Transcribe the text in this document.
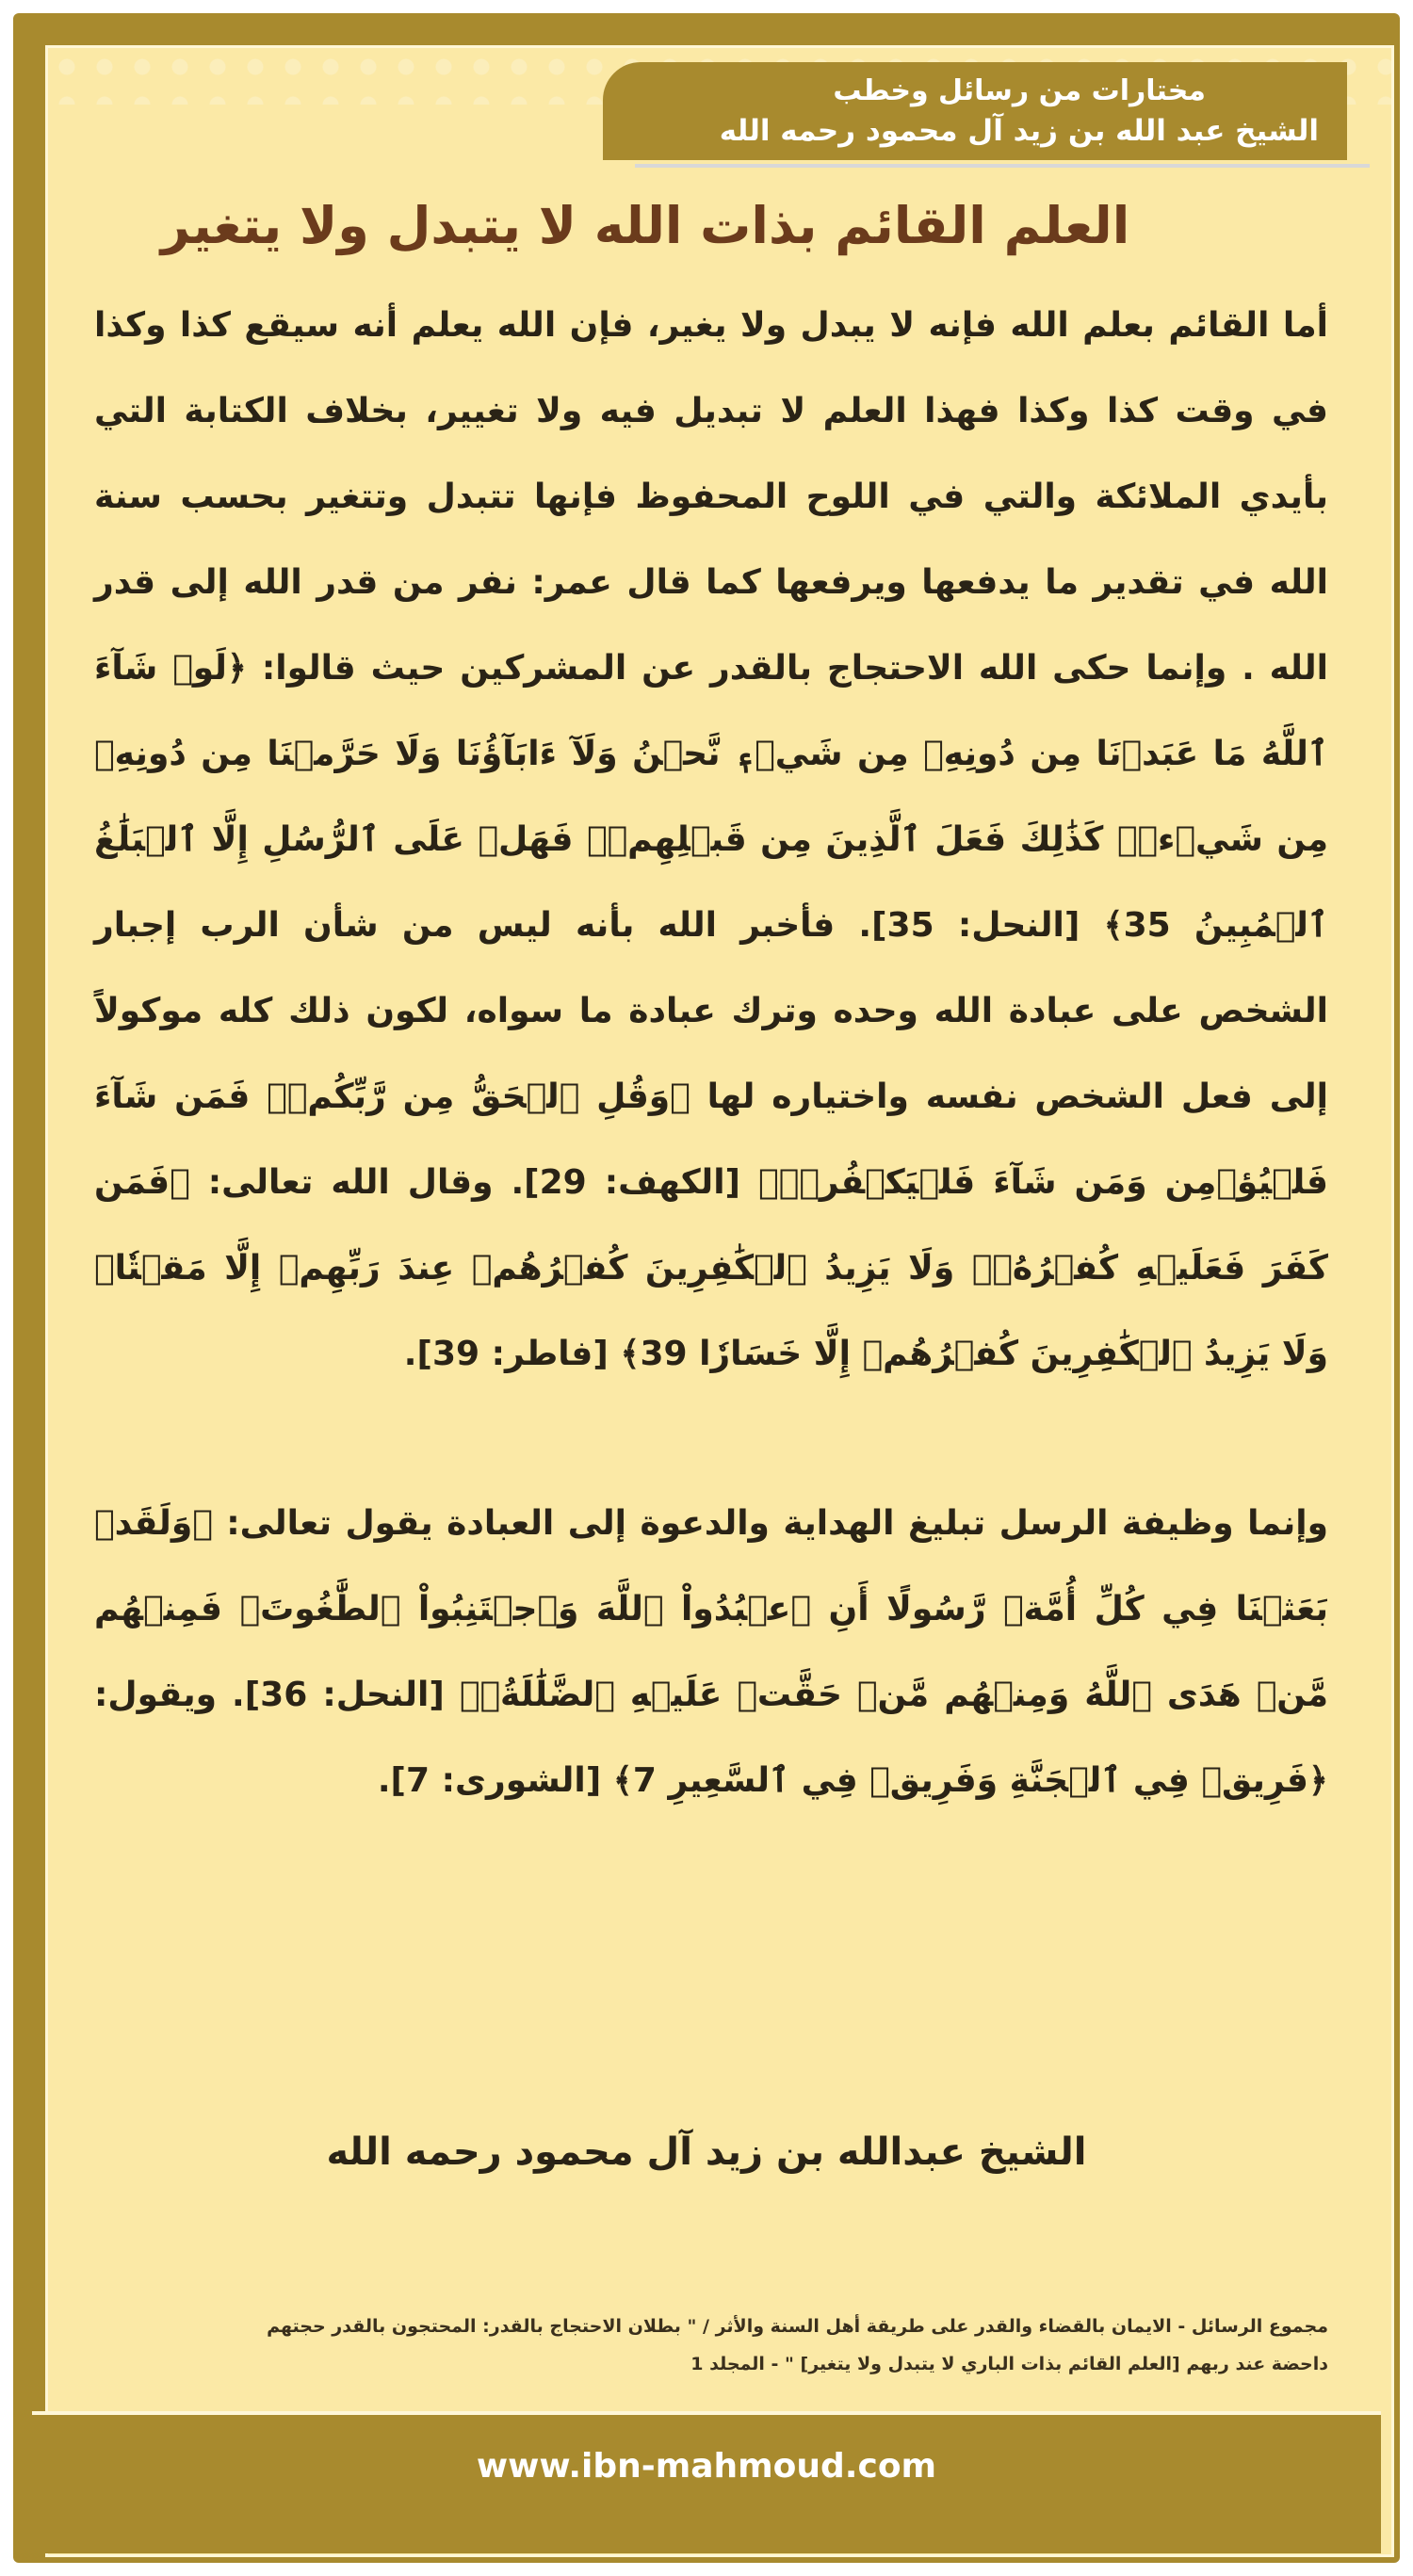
مختارات من رسائل وخطب
الشيخ عبد الله بن زيد آل محمود رحمه الله
العلم القائم بذات الله لا يتبدل ولا يتغير

أما القائم بعلم الله فإنه لا يبدل ولا يغير، فإن الله يعلم أنه سيقع كذا وكذا في وقت كذا وكذا فهذا العلم لا تبديل فيه ولا تغيير، بخلاف الكتابة التي بأيدي الملائكة والتي في اللوح المحفوظ فإنها تتبدل وتتغير بحسب سنة الله في تقدير ما يدفعها ويرفعها كما قال عمر: نفر من قدر الله إلى قدر الله . وإنما حكى الله الاحتجاج بالقدر عن المشركين حيث قالوا: ﴿لَوۡ شَآءَ ٱللَّهُ مَا عَبَدۡنَا مِن دُونِهِۦ مِن شَيۡءٖ نَّحۡنُ وَلَآ ءَابَآؤُنَا وَلَا حَرَّمۡنَا مِن دُونِهِۦ مِن شَيۡءٖۚ كَذَٰلِكَ فَعَلَ ٱلَّذِينَ مِن قَبۡلِهِمۡۚ فَهَلۡ عَلَى ٱلرُّسُلِ إِلَّا ٱلۡبَلَٰغُ ٱلۡمُبِينُ 35﴾ [النحل: 35]. فأخبر الله بأنه ليس من شأن الرب إجبار الشخص على عبادة الله وحده وترك عبادة ما سواه، لكون ذلك كله موكولاً إلى فعل الشخص نفسه واختياره لها ﴿وَقُلِ ٱلۡحَقُّ مِن رَّبِّكُمۡۖ فَمَن شَآءَ فَلۡيُؤۡمِن وَمَن شَآءَ فَلۡيَكۡفُرۡۚ﴾ [الكهف: 29]. وقال الله تعالى: ﴿فَمَن كَفَرَ فَعَلَيۡهِ كُفۡرُهُۥۖ وَلَا يَزِيدُ ٱلۡكَٰفِرِينَ كُفۡرُهُمۡ عِندَ رَبِّهِمۡ إِلَّا مَقۡتٗاۖ وَلَا يَزِيدُ ٱلۡكَٰفِرِينَ كُفۡرُهُمۡ إِلَّا خَسَارٗا 39﴾ [فاطر: 39].

وإنما وظيفة الرسل تبليغ الهداية والدعوة إلى العبادة يقول تعالى: ﴿وَلَقَدۡ بَعَثۡنَا فِي كُلِّ أُمَّةٖ رَّسُولًا أَنِ ٱعۡبُدُواْ ٱللَّهَ وَٱجۡتَنِبُواْ ٱلطَّٰغُوتَۖ فَمِنۡهُم مَّنۡ هَدَى ٱللَّهُ وَمِنۡهُم مَّنۡ حَقَّتۡ عَلَيۡهِ ٱلضَّلَٰلَةُۚ﴾ [النحل: 36]. ويقول: ﴿فَرِيقٞ فِي ٱلۡجَنَّةِ وَفَرِيقٞ فِي ٱلسَّعِيرِ 7﴾ [الشورى: 7].

الشيخ عبدالله بن زيد آل محمود رحمه الله
مجموع الرسائل - الايمان بالقضاء والقدر على طريقة أهل السنة والأثر / " بطلان الاحتجاج بالقدر: المحتجون بالقدر حجتهم
داحضة عند ربهم [العلم القائم بذات الباري لا يتبدل ولا يتغير] " - المجلد 1
www.ibn-mahmoud.com
